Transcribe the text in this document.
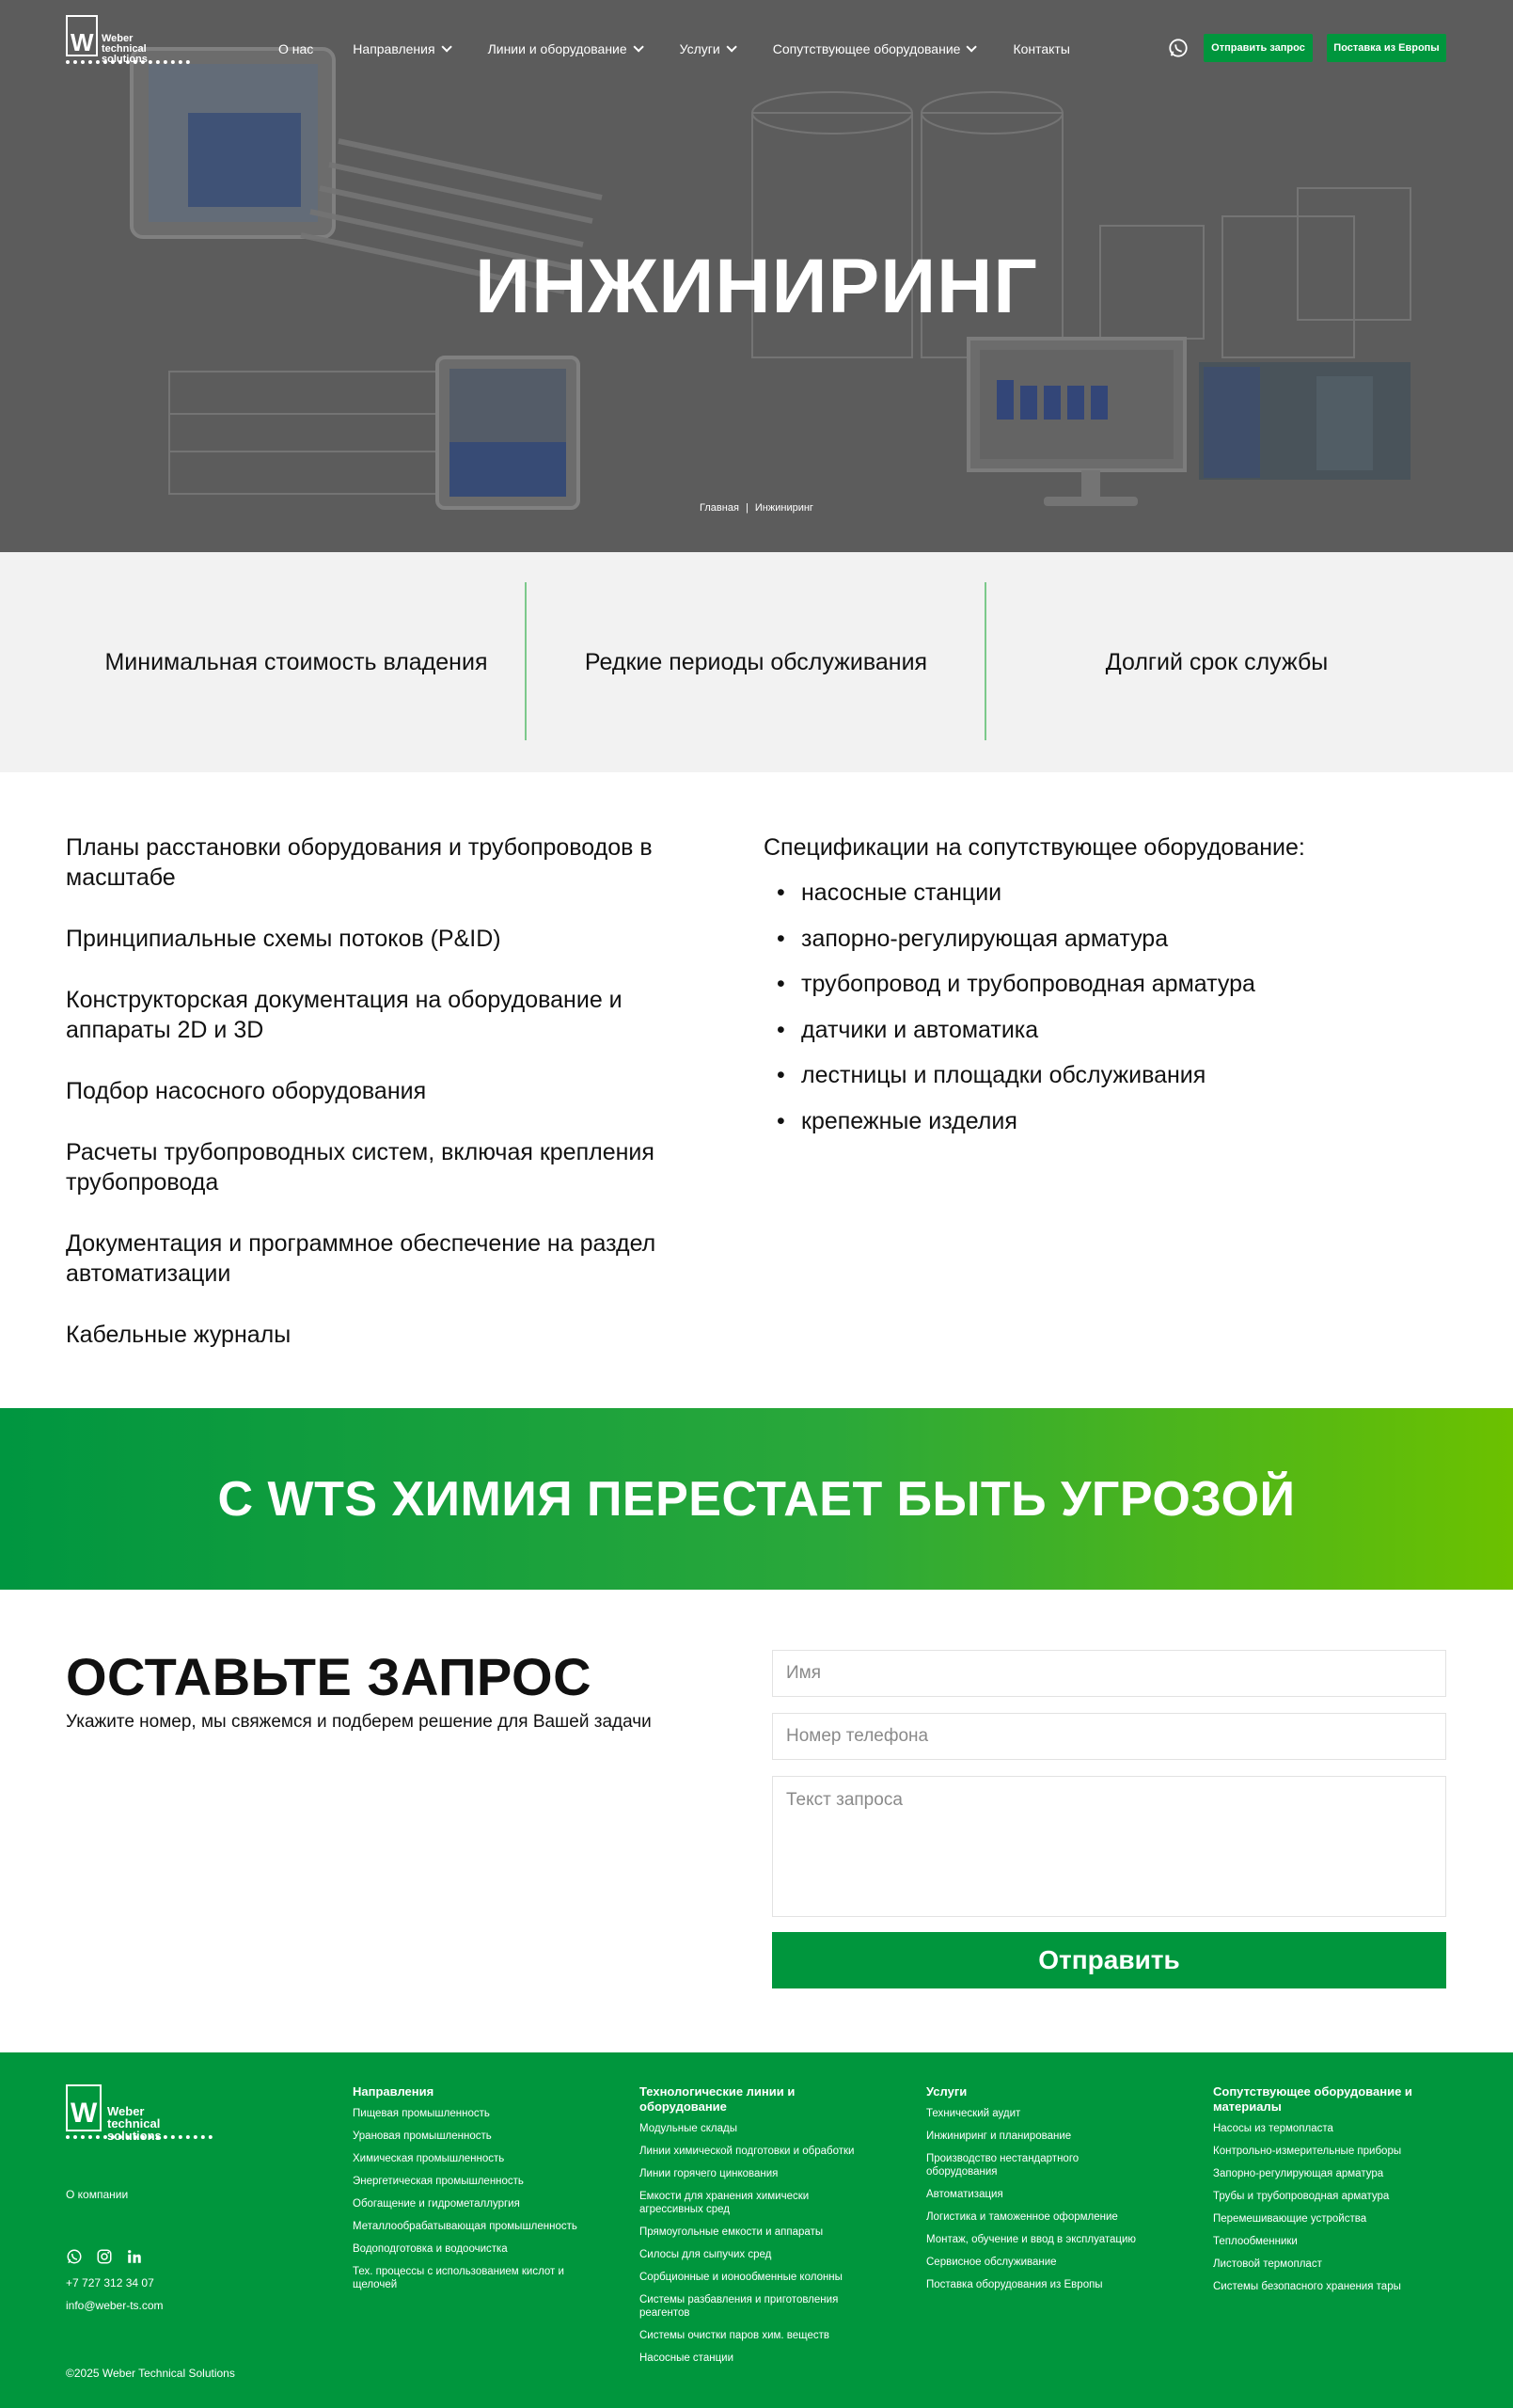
W Weber
technical solutions
О нас	Направления	Линии и оборудование	Услуги	Сопутствующее оборудование	Контакты	Отправить запрос	Поставка из Европы
ИНЖИНИРИНГ
Главная | Инжиниринг
Минимальная стоимость владения	Редкие периоды обслуживания	Долгий срок службы

Планы расстановки оборудования и трубопроводов в масштабе

Принципиальные схемы потоков (P&ID)

Конструкторская документация на оборудование и аппараты 2D и 3D

Подбор насосного оборудования

Расчеты трубопроводных систем, включая крепления трубопровода

Документация и программное обеспечение на раздел автоматизации

Кабельные журналы

Спецификации на сопутствующее оборудование:
• насосные станции
• запорно-регулирующая арматура
• трубопровод и трубопроводная арматура
• датчики и автоматика
• лестницы и площадки обслуживания
• крепежные изделия
С WTS ХИМИЯ ПЕРЕСТАЕТ БЫТЬ УГРОЗОЙ
ОСТАВЬТЕ ЗАПРОС
Укажите номер, мы свяжемся и подберем решение для Вашей задачи
Имя
Номер телефона
Текст запроса
Отправить
W Weber
technical solutions
О компании
+7 727 312 34 07
info@weber-ts.com
©2025 Weber Technical Solutions
Направления
Пищевая промышленность
Урановая промышленность
Химическая промышленность
Энергетическая промышленность
Обогащение и гидрометаллургия
Металлообрабатывающая промышленность
Водоподготовка и водоочистка
Тех. процессы с использованием кислот и щелочей
Технологические линии и оборудование
Модульные склады
Линии химической подготовки и обработки
Линии горячего цинкования
Емкости для хранения химически агрессивных сред
Прямоугольные емкости и аппараты
Силосы для сыпучих сред
Сорбционные и ионообменные колонны
Системы разбавления и приготовления реагентов
Системы очистки паров хим. веществ
Насосные станции
Услуги
Технический аудит
Инжиниринг и планирование
Производство нестандартного оборудования
Автоматизация
Логистика и таможенное оформление
Монтаж, обучение и ввод в эксплуатацию
Сервисное обслуживание
Поставка оборудования из Европы
Сопутствующее оборудование и материалы
Насосы из термопласта
Контрольно-измерительные приборы
Запорно-регулирующая арматура
Трубы и трубопроводная арматура
Перемешивающие устройства
Теплообменники
Листовой термопласт
Системы безопасного хранения тары
